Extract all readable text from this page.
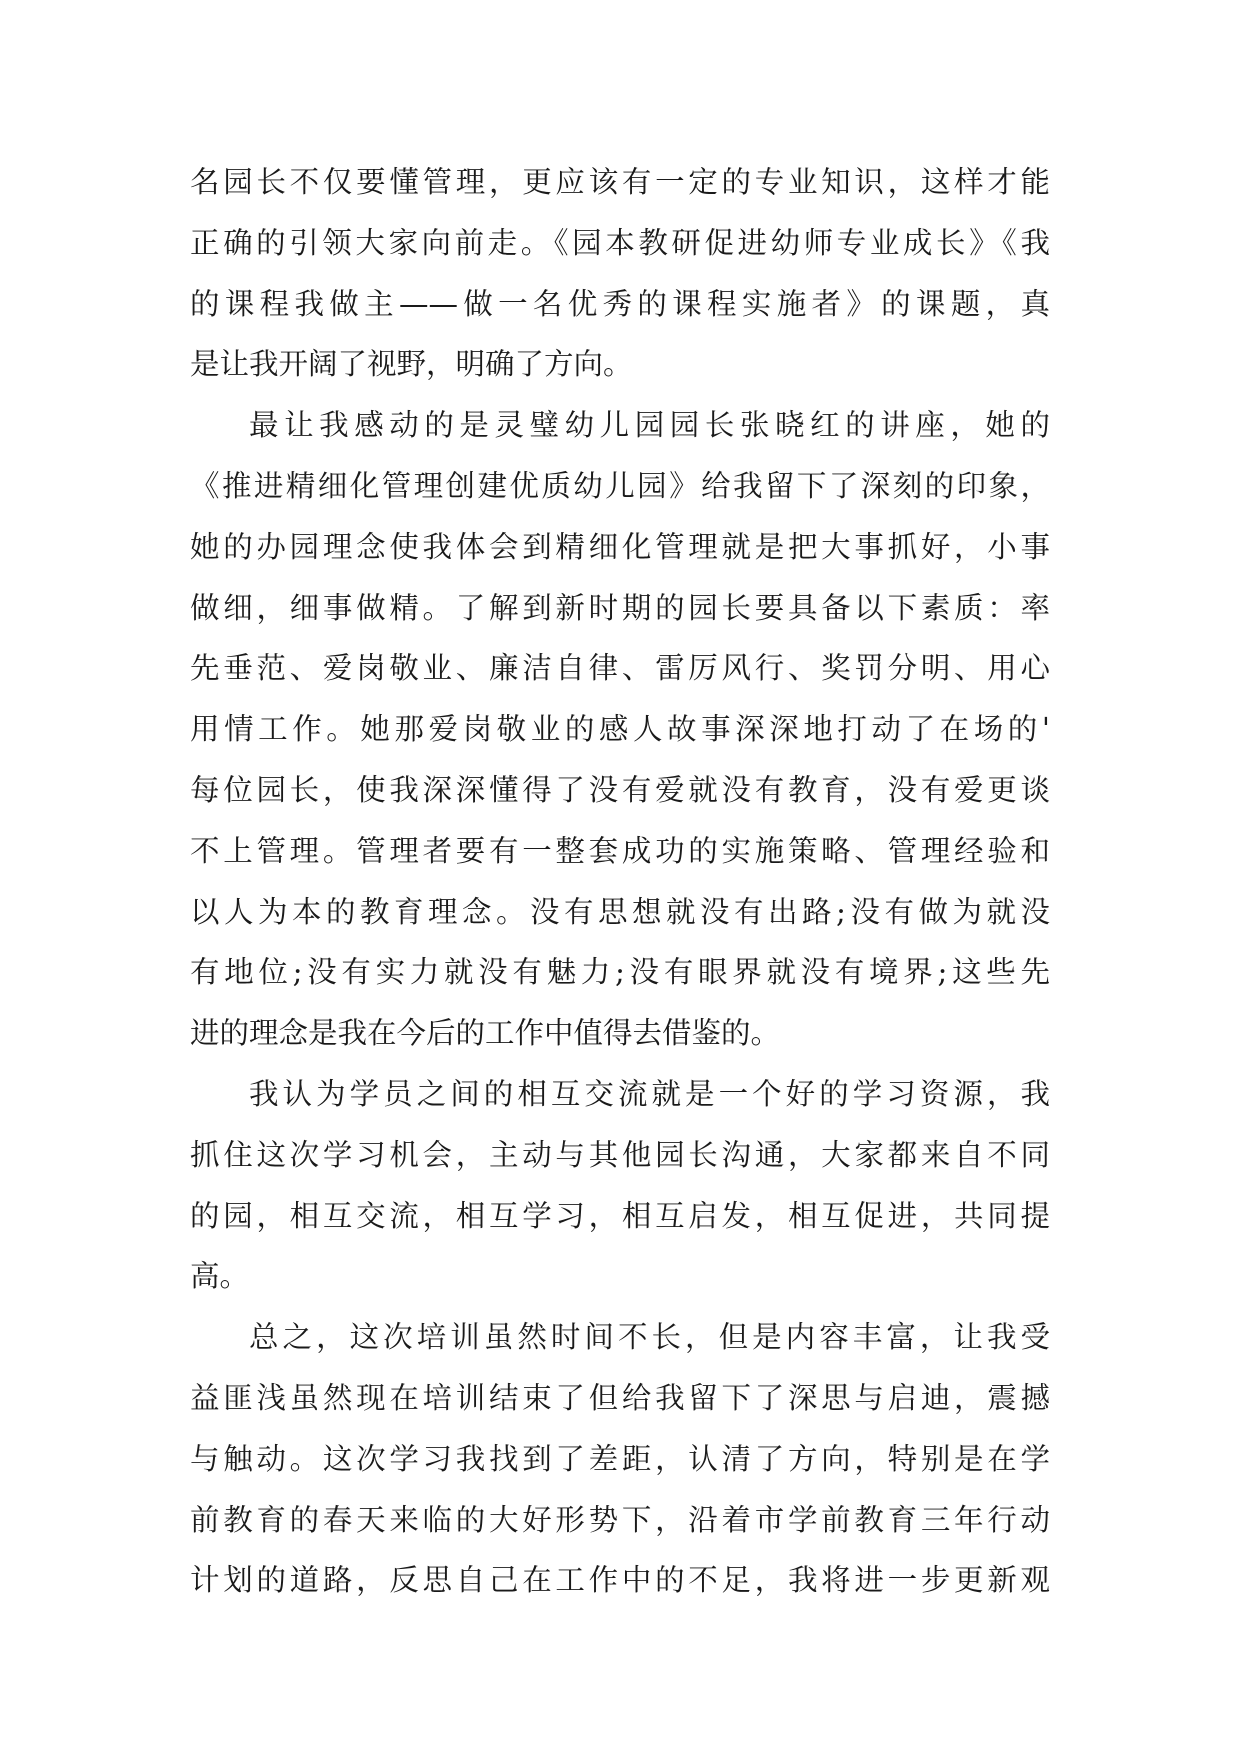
名园长不仅要懂管理，更应该有一定的专业知识，这样才能
正确的引领大家向前走。《园本教研促进幼师专业成长》《我
的课程我做主——做一名优秀的课程实施者》的课题，真
是让我开阔了视野，明确了方向。
最让我感动的是灵璧幼儿园园长张晓红的讲座，她的
《推进精细化管理创建优质幼儿园》给我留下了深刻的印象，
她的办园理念使我体会到精细化管理就是把大事抓好，小事
做细，细事做精。了解到新时期的园长要具备以下素质：率
先垂范、爱岗敬业、廉洁自律、雷厉风行、奖罚分明、用心
用情工作。她那爱岗敬业的感人故事深深地打动了在场的'
每位园长，使我深深懂得了没有爱就没有教育，没有爱更谈
不上管理。管理者要有一整套成功的实施策略、管理经验和
以人为本的教育理念。没有思想就没有出路;没有做为就没
有地位;没有实力就没有魅力;没有眼界就没有境界;这些先
进的理念是我在今后的工作中值得去借鉴的。
我认为学员之间的相互交流就是一个好的学习资源，我
抓住这次学习机会，主动与其他园长沟通，大家都来自不同
的园，相互交流，相互学习，相互启发，相互促进，共同提
高。
总之，这次培训虽然时间不长，但是内容丰富，让我受
益匪浅虽然现在培训结束了但给我留下了深思与启迪，震撼
与触动。这次学习我找到了差距，认清了方向，特别是在学
前教育的春天来临的大好形势下，沿着市学前教育三年行动
计划的道路，反思自己在工作中的不足，我将进一步更新观
